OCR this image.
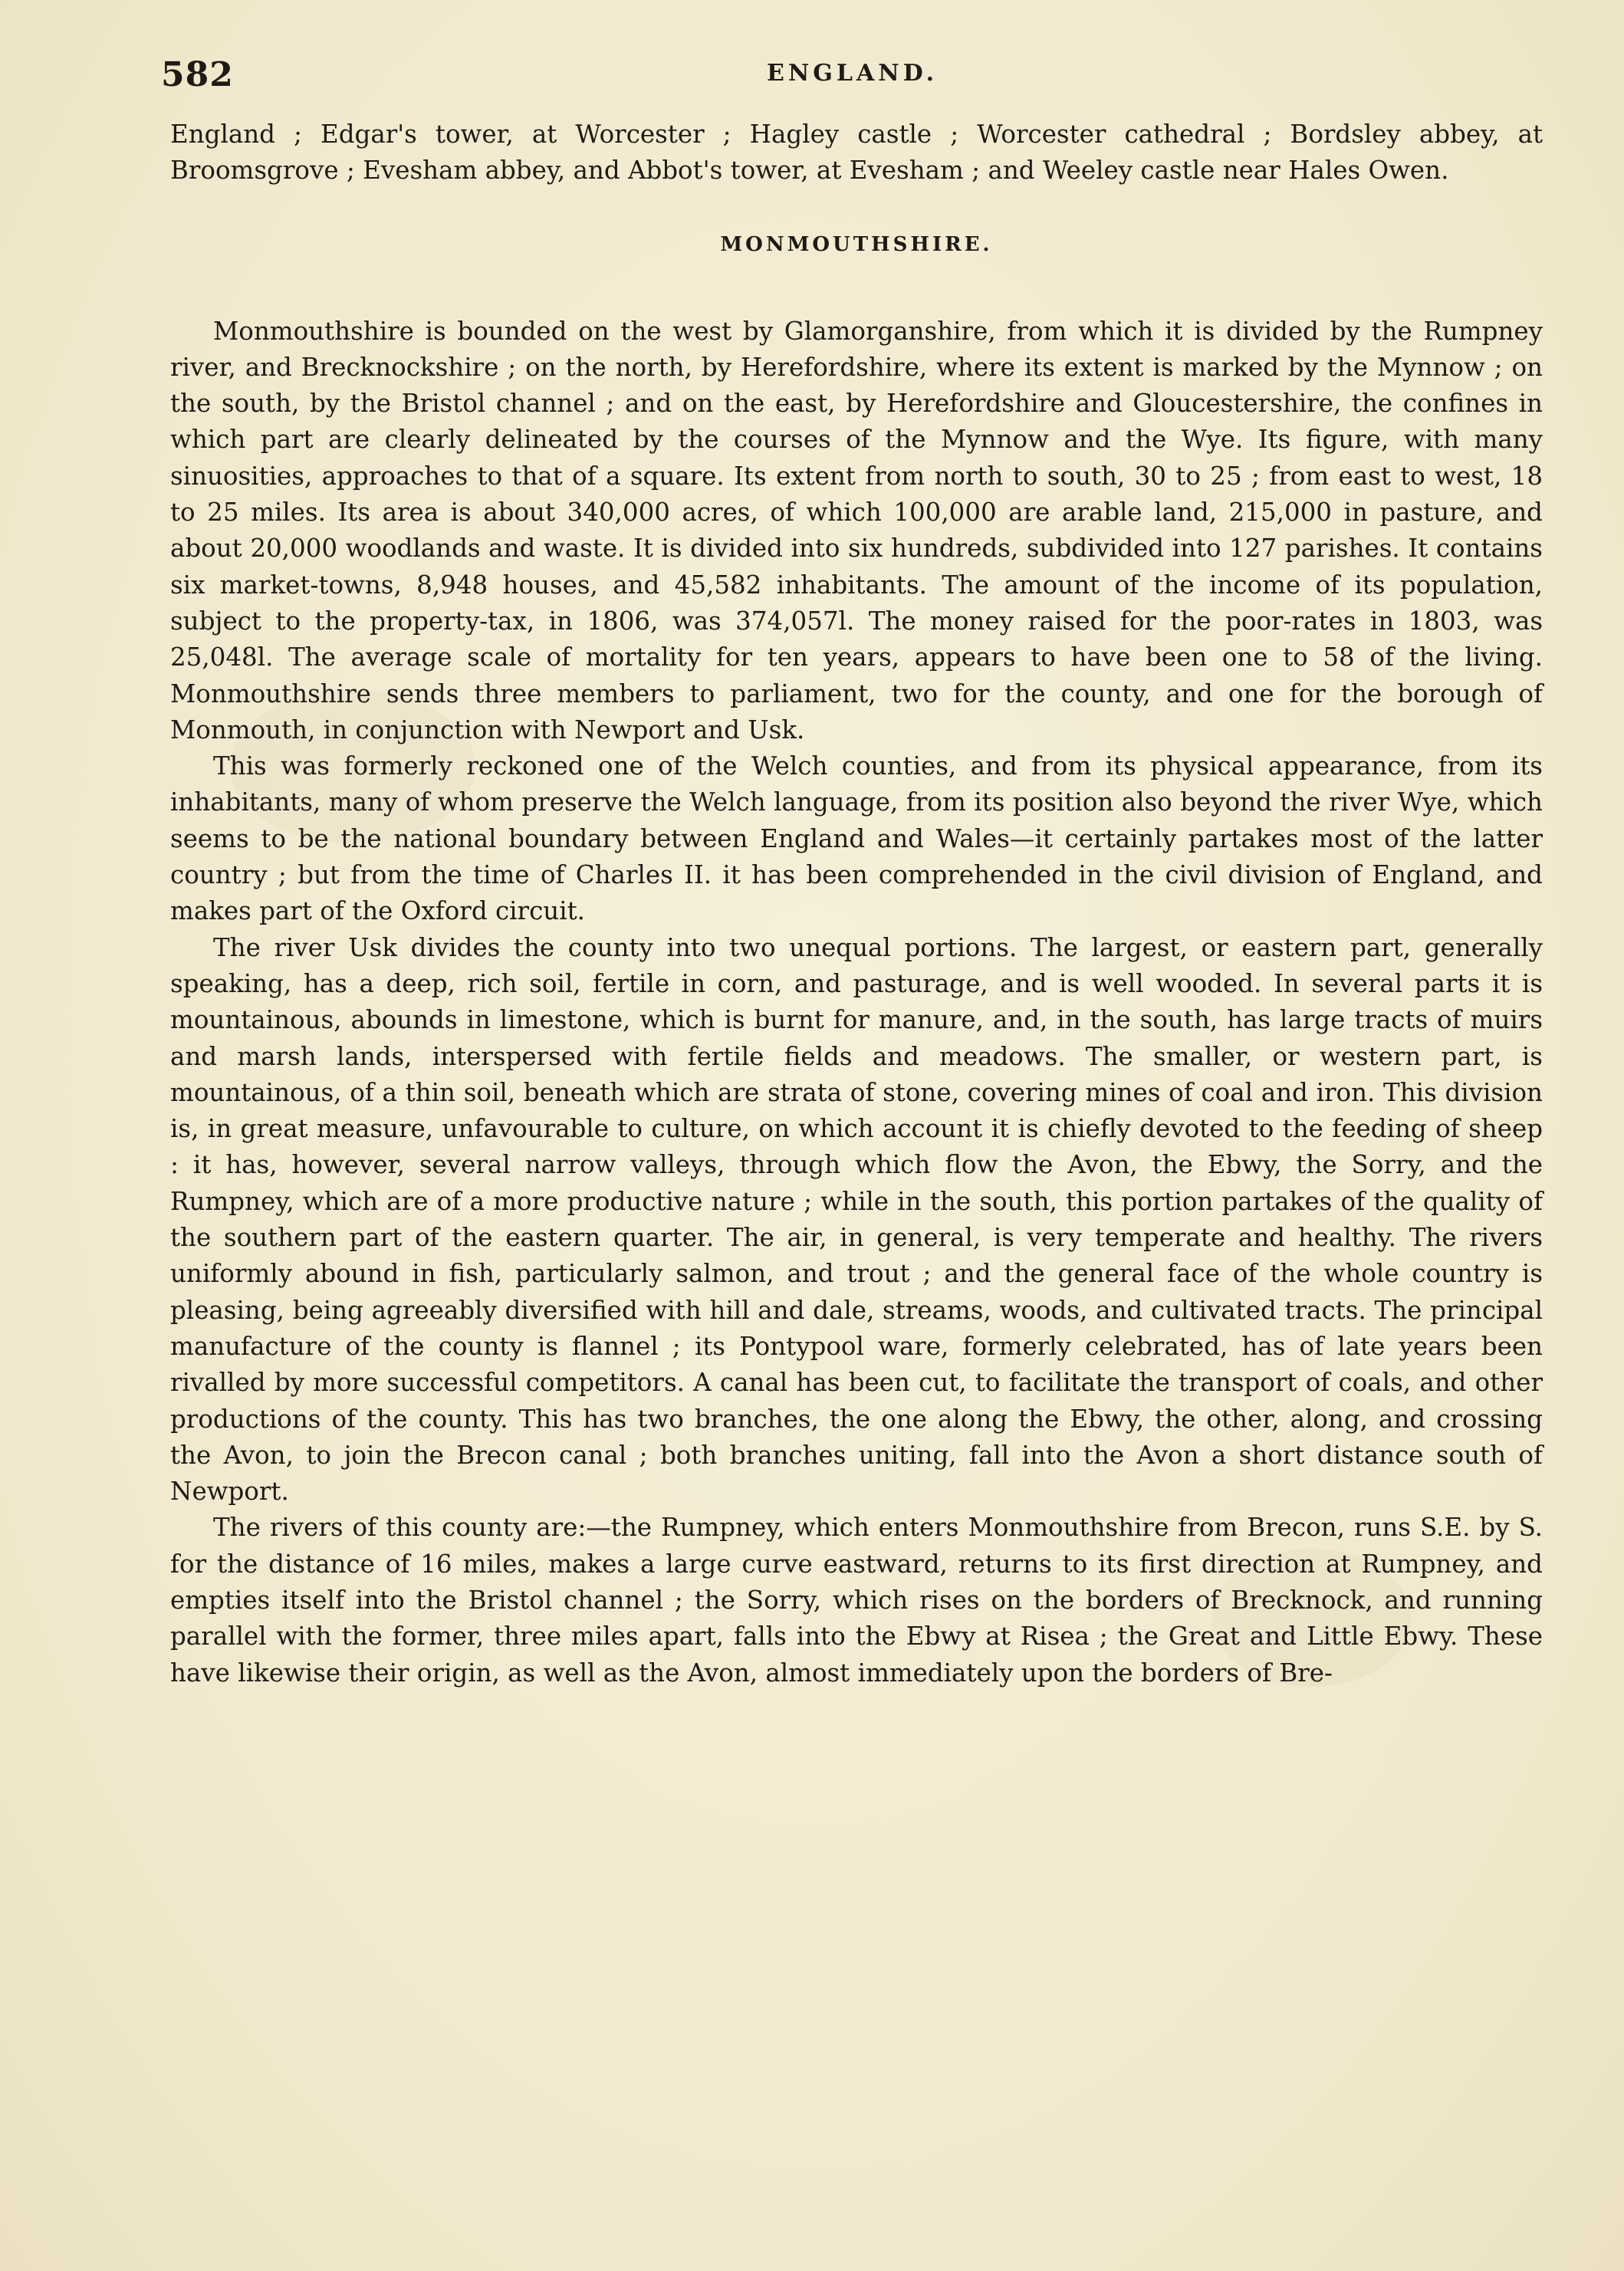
582	ENGLAND.

England ; Edgar's tower, at Worcester ; Hagley castle ; Worcester cathedral ; Bordsley abbey, at Broomsgrove ; Evesham abbey, and Abbot's tower, at Evesham ; and Weeley castle near Hales Owen.

MONMOUTHSHIRE.

Monmouthshire is bounded on the west by Glamorganshire, from which it is divided by the Rumpney river, and Brecknockshire ; on the north, by Herefordshire, where its extent is marked by the Mynnow ; on the south, by the Bristol channel ; and on the east, by Herefordshire and Gloucestershire, the confines in which part are clearly delineated by the courses of the Mynnow and the Wye. Its figure, with many sinuosities, approaches to that of a square. Its extent from north to south, 30 to 25 ; from east to west, 18 to 25 miles. Its area is about 340,000 acres, of which 100,000 are arable land, 215,000 in pasture, and about 20,000 woodlands and waste. It is divided into six hundreds, subdivided into 127 parishes. It contains six market-towns, 8,948 houses, and 45,582 inhabitants. The amount of the income of its population, subject to the property-tax, in 1806, was 374,057l. The money raised for the poor-rates in 1803, was 25,048l. The average scale of mortality for ten years, appears to have been one to 58 of the living. Monmouthshire sends three members to parliament, two for the county, and one for the borough of Monmouth, in conjunction with Newport and Usk.

This was formerly reckoned one of the Welch counties, and from its physical appearance, from its inhabitants, many of whom preserve the Welch language, from its position also beyond the river Wye, which seems to be the national boundary between England and Wales—it certainly partakes most of the latter country ; but from the time of Charles II. it has been comprehended in the civil division of England, and makes part of the Oxford circuit.

The river Usk divides the county into two unequal portions. The largest, or eastern part, generally speaking, has a deep, rich soil, fertile in corn, and pasturage, and is well wooded. In several parts it is mountainous, abounds in limestone, which is burnt for manure, and, in the south, has large tracts of muirs and marsh lands, interspersed with fertile fields and meadows. The smaller, or western part, is mountainous, of a thin soil, beneath which are strata of stone, covering mines of coal and iron. This division is, in great measure, unfavourable to culture, on which account it is chiefly devoted to the feeding of sheep : it has, however, several narrow valleys, through which flow the Avon, the Ebwy, the Sorry, and the Rumpney, which are of a more productive nature ; while in the south, this portion partakes of the quality of the southern part of the eastern quarter. The air, in general, is very temperate and healthy. The rivers uniformly abound in fish, particularly salmon, and trout ; and the general face of the whole country is pleasing, being agreeably diversified with hill and dale, streams, woods, and cultivated tracts. The principal manufacture of the county is flannel ; its Pontypool ware, formerly celebrated, has of late years been rivalled by more successful competitors. A canal has been cut, to facilitate the transport of coals, and other productions of the county. This has two branches, the one along the Ebwy, the other, along, and crossing the Avon, to join the Brecon canal ; both branches uniting, fall into the Avon a short distance south of Newport.

The rivers of this county are:—the Rumpney, which enters Monmouthshire from Brecon, runs S.E. by S. for the distance of 16 miles, makes a large curve eastward, returns to its first direction at Rumpney, and empties itself into the Bristol channel ; the Sorry, which rises on the borders of Brecknock, and running parallel with the former, three miles apart, falls into the Ebwy at Risea ; the Great and Little Ebwy. These have likewise their origin, as well as the Avon, almost immediately upon the borders of Bre-
